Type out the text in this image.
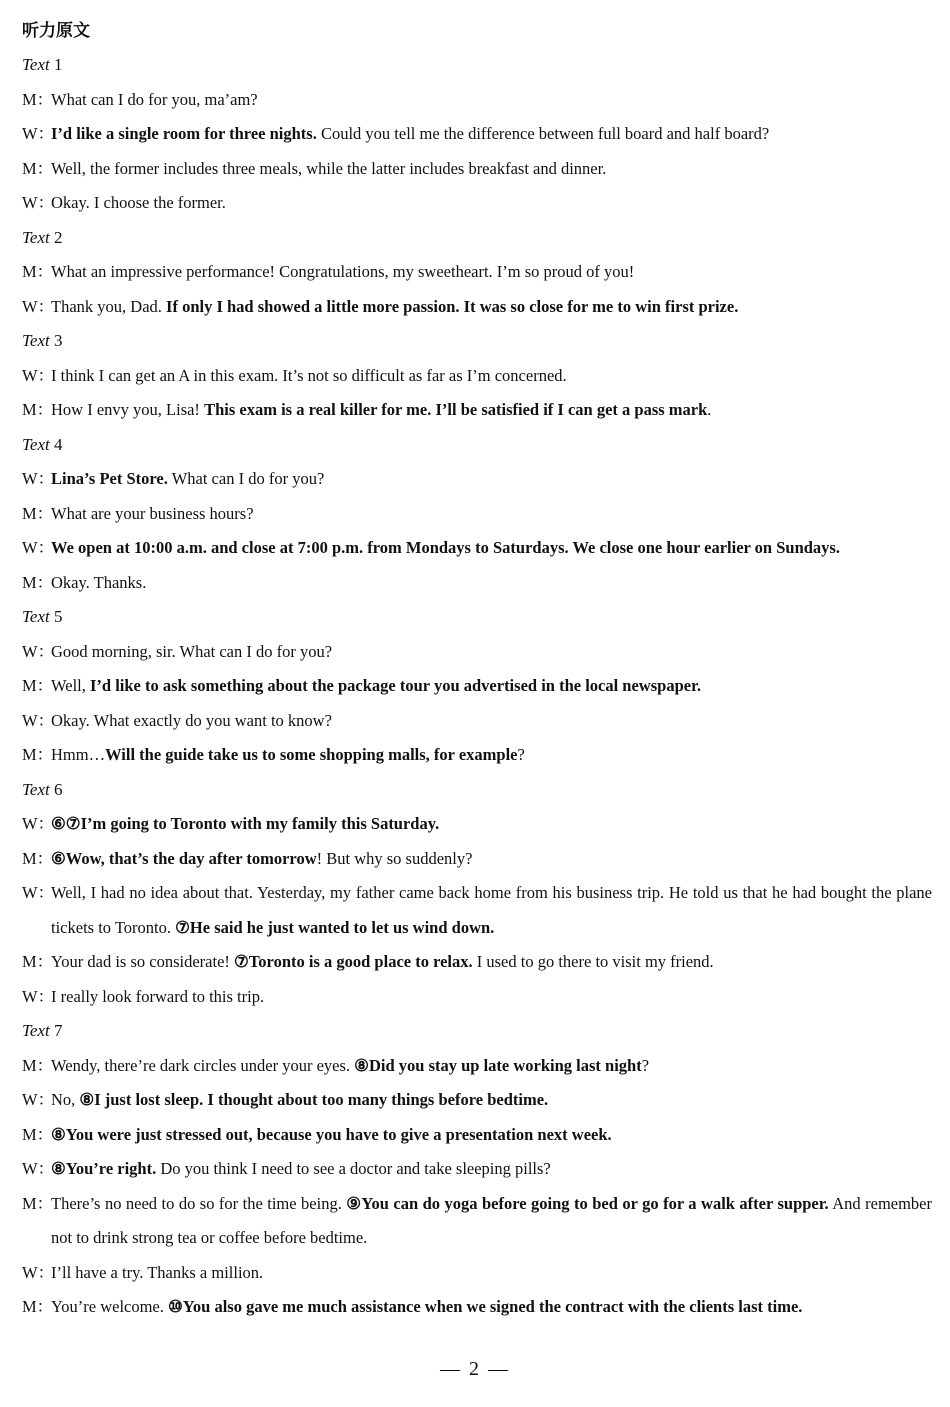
听力原文
Text 1
M：What can I do for you, ma’am?
W：I’d like a single room for three nights. Could you tell me the difference between full board and half board?
M：Well, the former includes three meals, while the latter includes breakfast and dinner.
W：Okay. I choose the former.
Text 2
M：What an impressive performance! Congratulations, my sweetheart. I’m so proud of you!
W：Thank you, Dad. If only I had showed a little more passion. It was so close for me to win first prize.
Text 3
W：I think I can get an A in this exam. It’s not so difficult as far as I’m concerned.
M：How I envy you, Lisa! This exam is a real killer for me. I’ll be satisfied if I can get a pass mark.
Text 4
W：Lina’s Pet Store. What can I do for you?
M：What are your business hours?
W：We open at 10:00 a.m. and close at 7:00 p.m. from Mondays to Saturdays. We close one hour earlier on Sundays.
M：Okay. Thanks.
Text 5
W：Good morning, sir. What can I do for you?
M：Well, I’d like to ask something about the package tour you advertised in the local newspaper.
W：Okay. What exactly do you want to know?
M：Hmm…Will the guide take us to some shopping malls, for example?
Text 6
W：⑥⑦I’m going to Toronto with my family this Saturday.
M：⑥Wow, that’s the day after tomorrow! But why so suddenly?
W：Well, I had no idea about that. Yesterday, my father came back home from his business trip. He told us that he had bought the plane tickets to Toronto. ⑦He said he just wanted to let us wind down.
M：Your dad is so considerate! ⑦Toronto is a good place to relax. I used to go there to visit my friend.
W：I really look forward to this trip.
Text 7
M：Wendy, there’re dark circles under your eyes. ⑧Did you stay up late working last night?
W：No, ⑧I just lost sleep. I thought about too many things before bedtime.
M：⑧You were just stressed out, because you have to give a presentation next week.
W：⑧You’re right. Do you think I need to see a doctor and take sleeping pills?
M：There’s no need to do so for the time being. ⑨You can do yoga before going to bed or go for a walk after supper. And remember not to drink strong tea or coffee before bedtime.
W：I’ll have a try. Thanks a million.
M：You’re welcome. ⑩You also gave me much assistance when we signed the contract with the clients last time.
— 2 —
